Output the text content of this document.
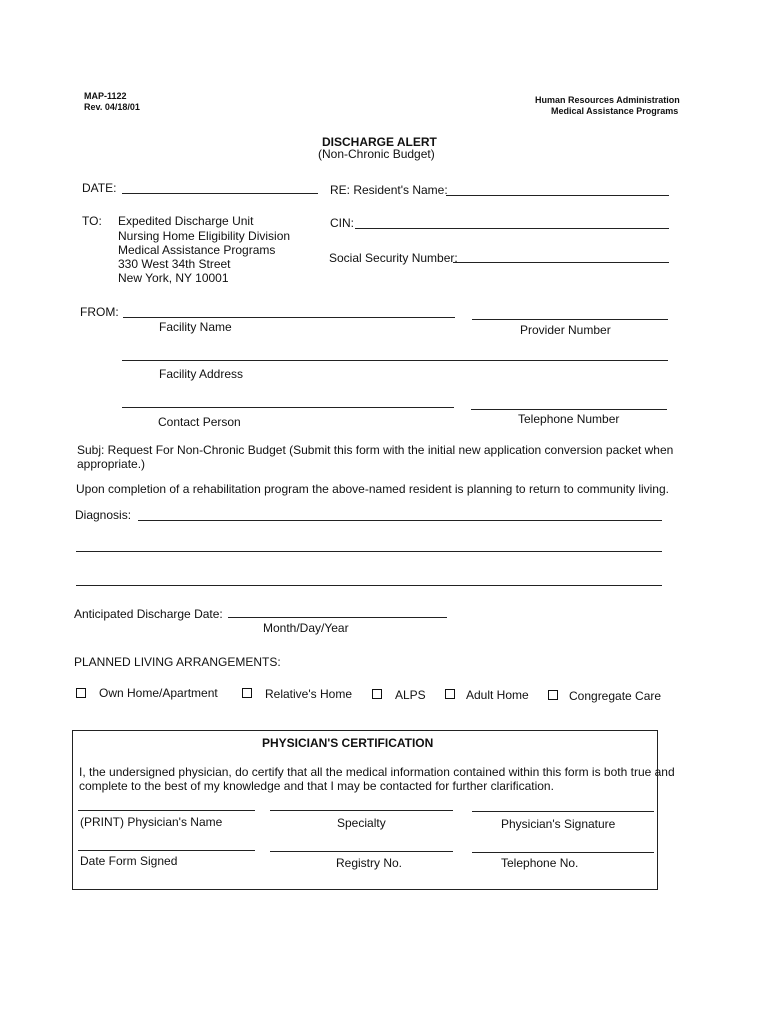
MAP-1122
Rev. 04/18/01
Human Resources Administration
Medical Assistance Programs
DISCHARGE ALERT
(Non-Chronic Budget)
DATE:	RE: Resident's Name:
TO: Expedited Discharge Unit
Nursing Home Eligibility Division
Medical Assistance Programs
330 West 34th Street
New York, NY 10001
CIN:
Social Security Number:
FROM:
Facility Name	Provider Number
Facility Address
Contact Person	Telephone Number
Subj: Request For Non-Chronic Budget (Submit this form with the initial new application conversion packet when
appropriate.)
Upon completion of a rehabilitation program the above-named resident is planning to return to community living.
Diagnosis:
Anticipated Discharge Date:
Month/Day/Year
PLANNED LIVING ARRANGEMENTS:
Own Home/Apartment	Relative's Home	ALPS	Adult Home	Congregate Care
PHYSICIAN'S CERTIFICATION
I, the undersigned physician, do certify that all the medical information contained within this form is both true and
complete to the best of my knowledge and that I may be contacted for further clarification.
(PRINT) Physician's Name	Specialty	Physician's Signature
Date Form Signed	Registry No.	Telephone No.
